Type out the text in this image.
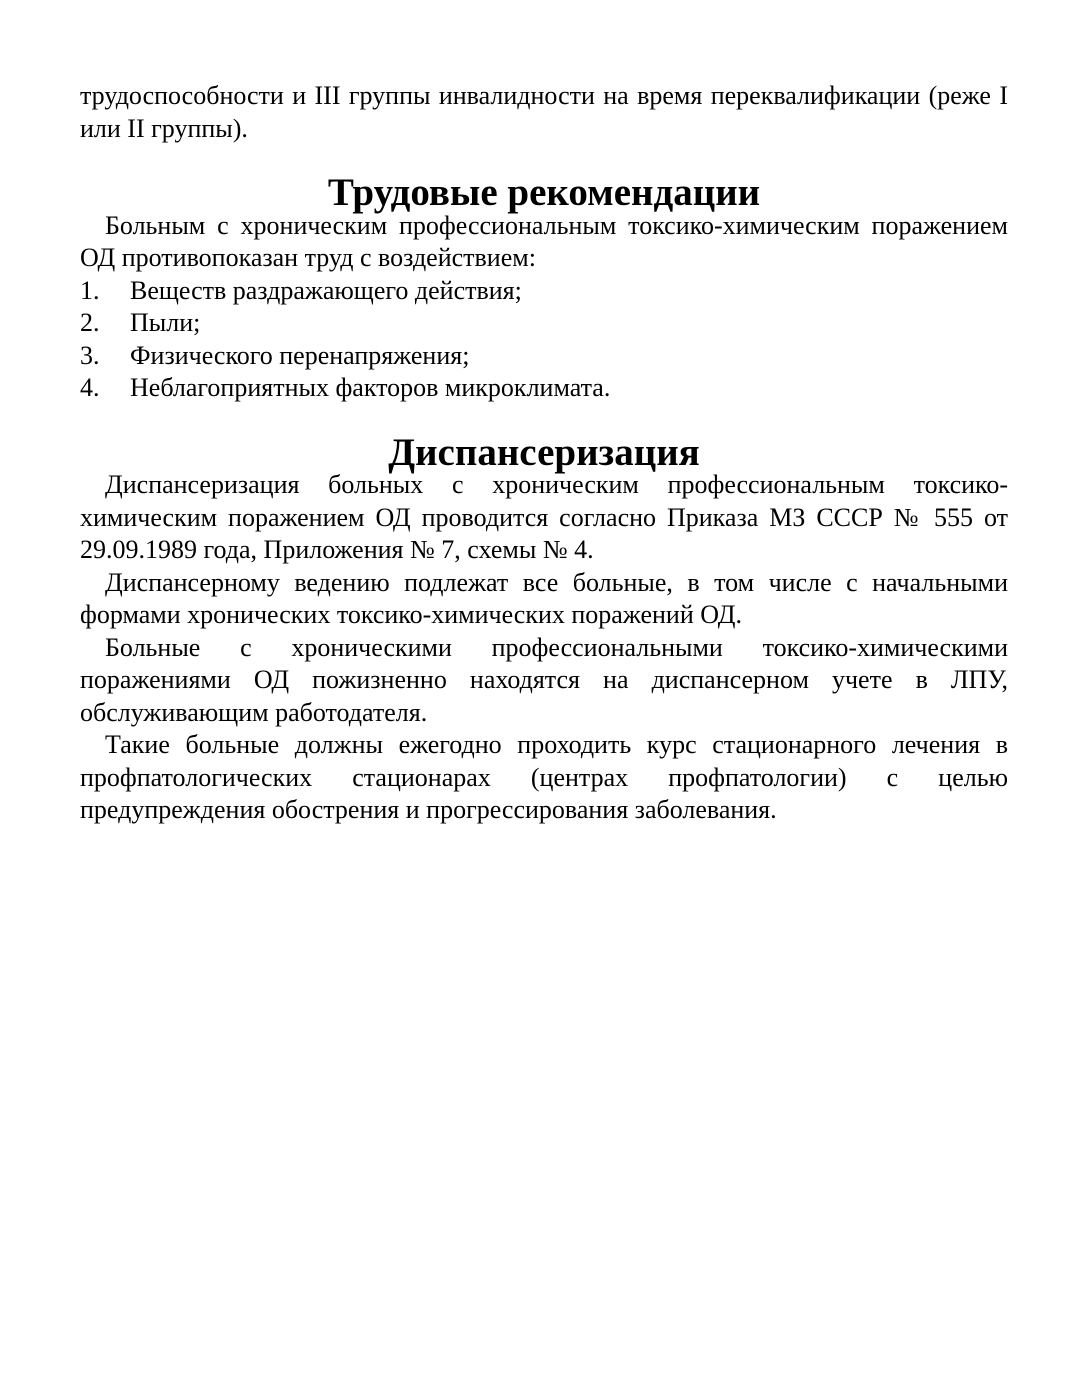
трудоспособности и III группы инвалидности на время переквалификации (реже I или II группы).

Трудовые рекомендации

Больным с хроническим профессиональным токсико-химическим поражением ОД противопоказан труд с воздействием:

1.	Веществ раздражающего действия;
2.	Пыли;
3.	Физического перенапряжения;
4.	Неблагоприятных факторов микроклимата.
Диспансеризация

Диспансеризация больных с хроническим профессиональным токсико-химическим поражением ОД проводится согласно Приказа МЗ СССР № 555 от 29.09.1989 года, Приложения № 7, схемы № 4.

Диспансерному ведению подлежат все больные, в том числе с начальными формами хронических токсико-химических поражений ОД.

Больные с хроническими профессиональными токсико-химическими поражениями ОД пожизненно находятся на диспансерном учете в ЛПУ, обслуживающим работодателя.

Такие больные должны ежегодно проходить курс стационарного лечения в профпатологических стационарах (центрах профпатологии) с целью предупреждения обострения и прогрессирования заболевания.
